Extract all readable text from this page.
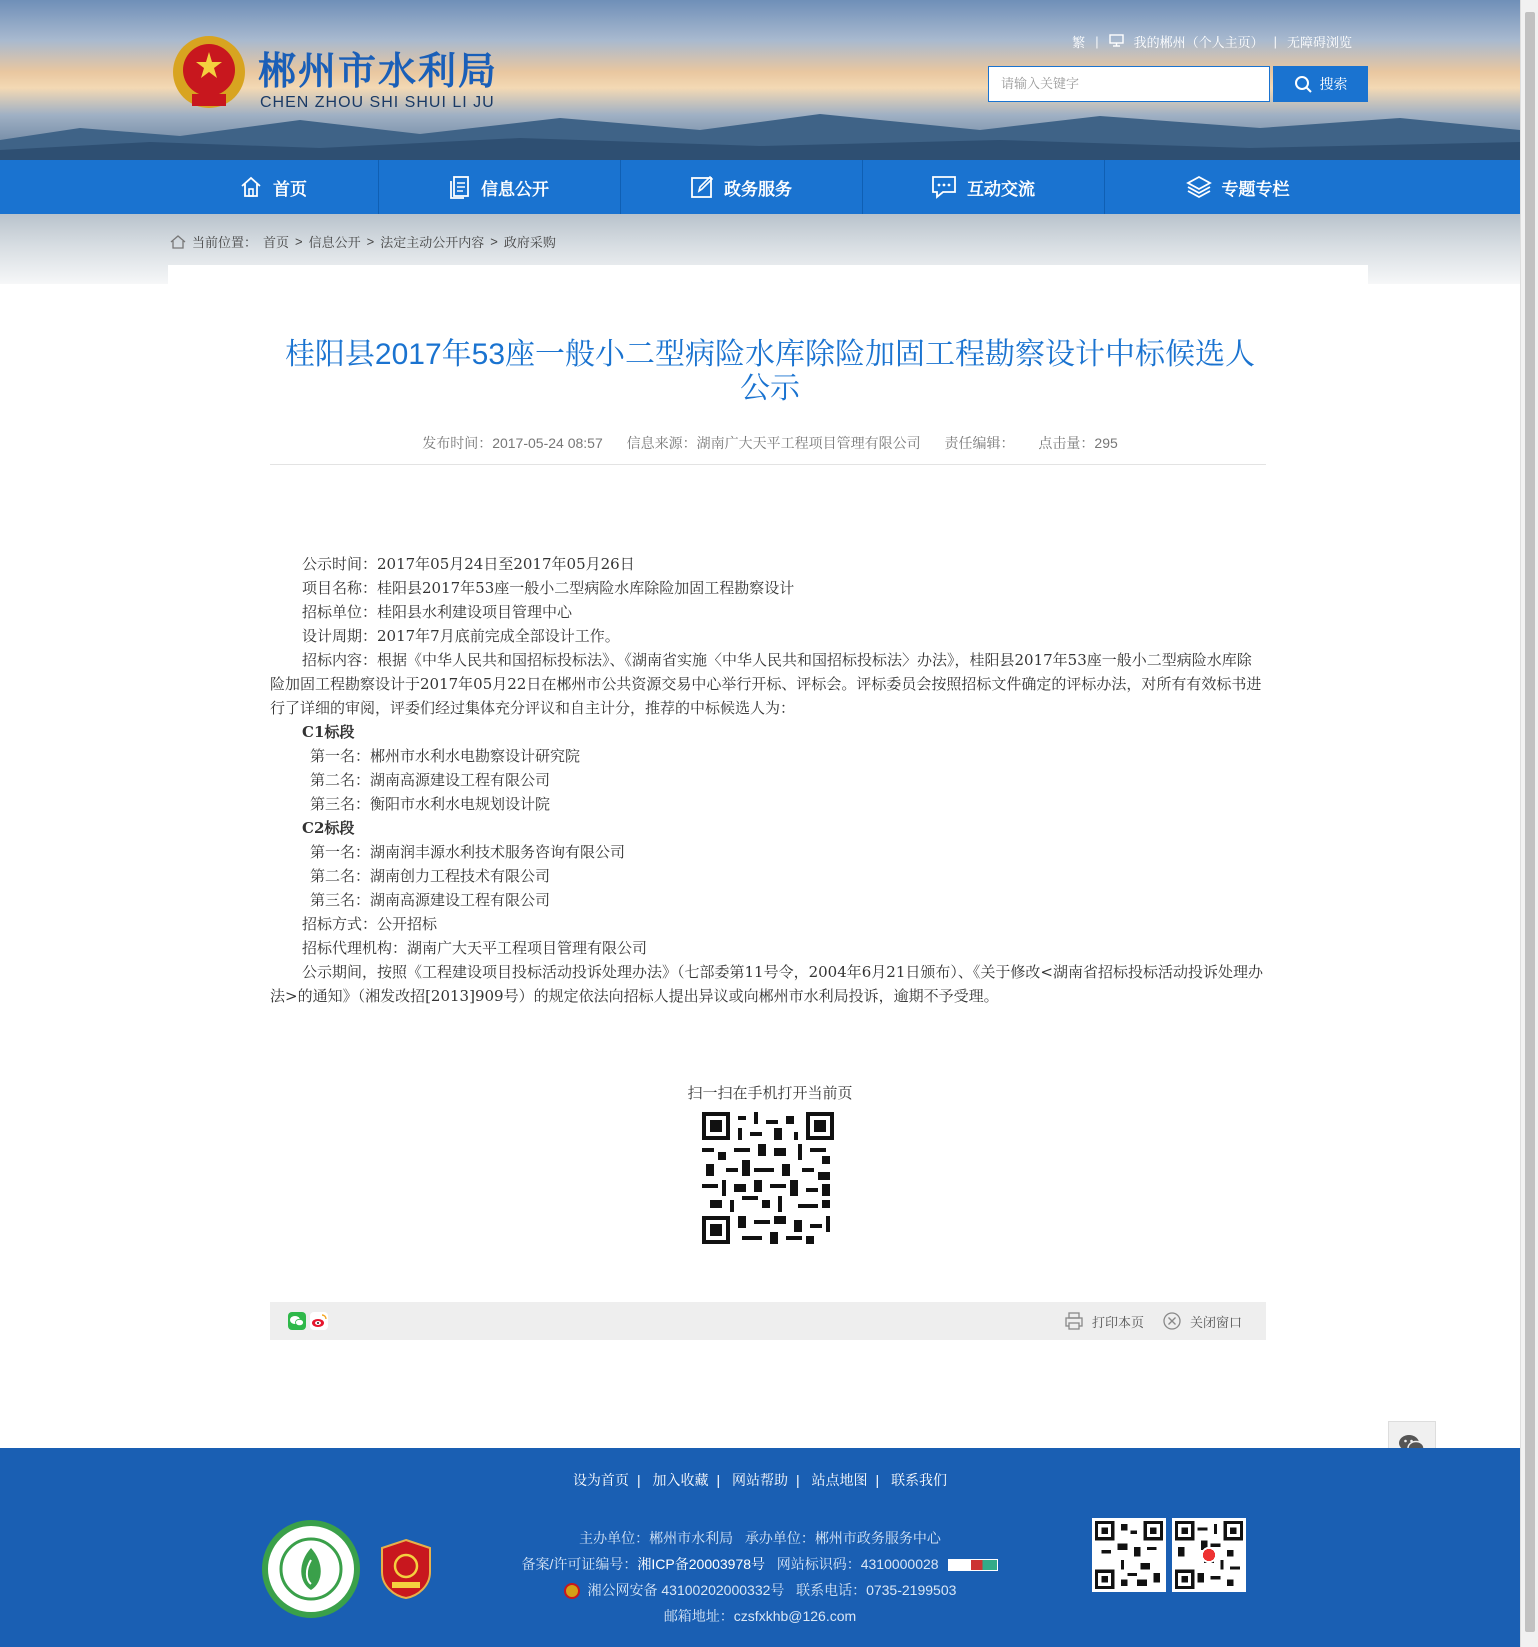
郴州市水利局
CHEN ZHOU SHI SHUI LI JU
繁 |	我的郴州（个人主页） | 无障碍浏览
请输入关键字	搜索
首页	信息公开	政务服务	互动交流	专题专栏
当前位置： 首页 > 信息公开 > 法定主动公开内容 > 政府采购
桂阳县2017年53座一般小二型病险水库除险加固工程勘察设计中标候选人
公示
发布时间：2017-05-24 08:57 信息来源：湖南广大天平工程项目管理有限公司 责任编辑： 点击量：295

公示时间：2017年05月24日至2017年05月26日

项目名称：桂阳县2017年53座一般小二型病险水库除险加固工程勘察设计

招标单位：桂阳县水利建设项目管理中心

设计周期：2017年7月底前完成全部设计工作。

招标内容：根据《中华人民共和国招标投标法》、《湖南省实施〈中华人民共和国招标投标法〉办法》，桂阳县2017年53座一般小二型病险水库除险加固工程勘察设计于2017年05月22日在郴州市公共资源交易中心举行开标、评标会。评标委员会按照招标文件确定的评标办法，对所有有效标书进行了详细的审阅，评委们经过集体充分评议和自主计分，推荐的中标候选人为：

C1标段

第一名：郴州市水利水电勘察设计研究院

第二名：湖南高源建设工程有限公司

第三名：衡阳市水利水电规划设计院

C2标段

第一名：湖南润丰源水利技术服务咨询有限公司

第二名：湖南创力工程技术有限公司

第三名：湖南高源建设工程有限公司

招标方式：公开招标

招标代理机构：湖南广大天平工程项目管理有限公司

公示期间，按照《工程建设项目投标活动投诉处理办法》（七部委第11号令，2004年6月21日颁布）、《关于修改<湖南省招标投标活动投诉处理办法>的通知》（湘发改招[2013]909号）的规定依法向招标人提出异议或向郴州市水利局投诉，逾期不予受理。

扫一扫在手机打开当前页
打印本页	关闭窗口
设为首页 | 加入收藏 | 网站帮助 | 站点地图 | 联系我们
主办单位：郴州市水利局 承办单位：郴州市政务服务中心
备案/许可证编号：湘ICP备20003978号 网站标识码：4310000028
湘公网安备 43100202000332号 联系电话：0735-2199503
邮箱地址：czsfxkhb@126.com
